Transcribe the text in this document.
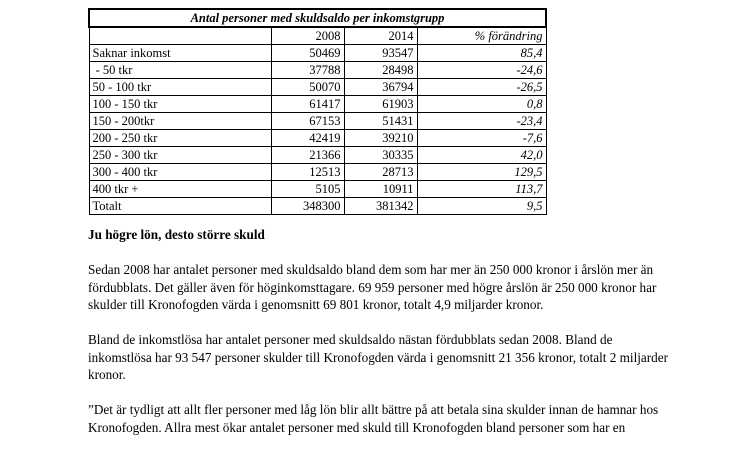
Antal personer med skuldsaldo per inkomstgrupp			
	2008	2014	% förändring
Saknar inkomst	50469	93547	85,4
- 50 tkr	37788	28498	-24,6
50 - 100 tkr	50070	36794	-26,5
100 - 150 tkr	61417	61903	0,8
150 - 200tkr	67153	51431	-23,4
200 - 250 tkr	42419	39210	-7,6
250 - 300 tkr	21366	30335	42,0
300 - 400 tkr	12513	28713	129,5
400 tkr +	5105	10911	113,7
Totalt	348300	381342	9,5

Ju högre lön, desto större skuld

Sedan 2008 har antalet personer med skuldsaldo bland dem som har mer än 250 000 kronor i årslön mer än fördubblats. Det gäller även för höginkomsttagare. 69 959 personer med högre årslön är 250 000 kronor har skulder till Kronofogden värda i genomsnitt 69 801 kronor, totalt 4,9 miljarder kronor.

Bland de inkomstlösa har antalet personer med skuldsaldo nästan fördubblats sedan 2008. Bland de inkomstlösa har 93 547 personer skulder till Kronofogden värda i genomsnitt 21 356 kronor, totalt 2 miljarder kronor.

”Det är tydligt att allt fler personer med låg lön blir allt bättre på att betala sina skulder innan de hamnar hos Kronofogden. Allra mest ökar antalet personer med skuld till Kronofogden bland personer som har en
